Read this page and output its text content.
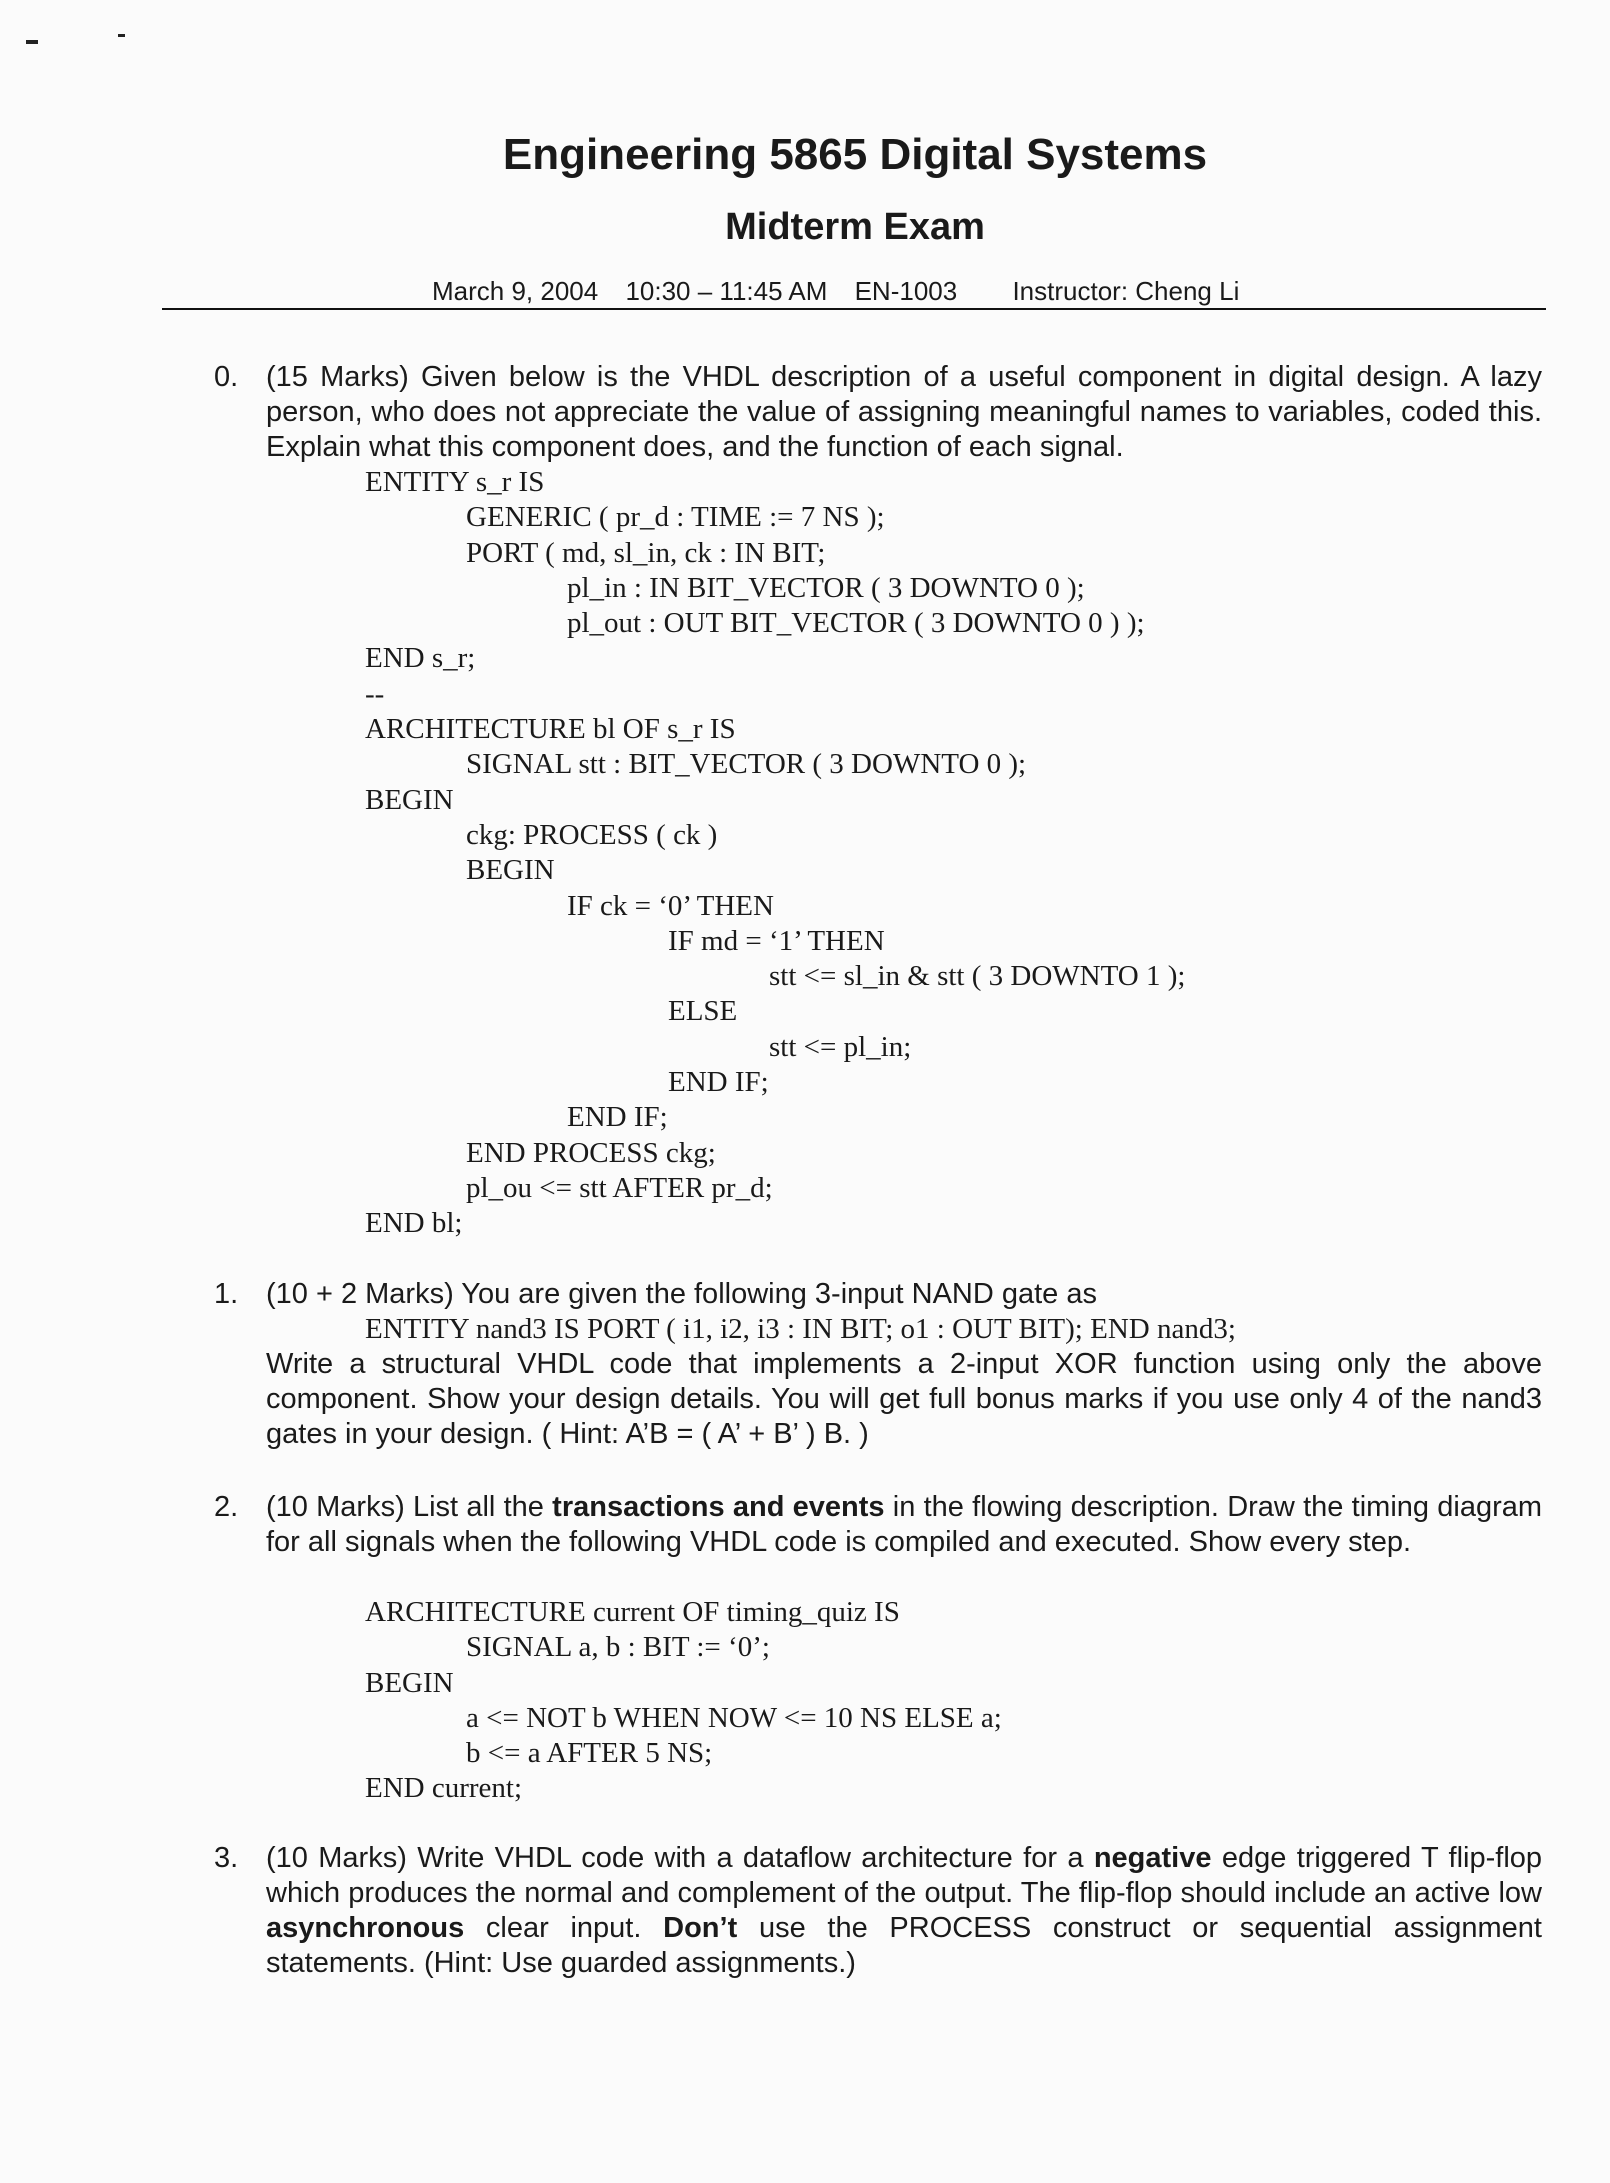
Engineering 5865 Digital Systems
Midterm Exam
March 9, 2004 10:30 – 11:45 AM EN-1003 Instructor: Cheng Li
0. (15 Marks) Given below is the VHDL description of a useful component in digital design. A lazy person, who does not appreciate the value of assigning meaningful names to variables, coded this. Explain what this component does, and the function of each signal.
ENTITY s_r IS
GENERIC ( pr_d : TIME := 7 NS );
PORT ( md, sl_in, ck : IN BIT;
pl_in : IN BIT_VECTOR ( 3 DOWNTO 0 );
pl_out : OUT BIT_VECTOR ( 3 DOWNTO 0 ) );
END s_r;
--
ARCHITECTURE bl OF s_r IS
SIGNAL stt : BIT_VECTOR ( 3 DOWNTO 0 );
BEGIN
ckg: PROCESS ( ck )
BEGIN
IF ck = ‘0’ THEN
IF md = ‘1’ THEN
stt <= sl_in & stt ( 3 DOWNTO 1 );
ELSE
stt <= pl_in;
END IF;
END IF;
END PROCESS ckg;
pl_ou <= stt AFTER pr_d;
END bl;
1. (10 + 2 Marks) You are given the following 3-input NAND gate as
ENTITY nand3 IS PORT ( i1, i2, i3 : IN BIT; o1 : OUT BIT); END nand3;
Write a structural VHDL code that implements a 2-input XOR function using only the above component. Show your design details. You will get full bonus marks if you use only 4 of the nand3 gates in your design. ( Hint: A’B = ( A’ + B’ ) B. )
2. (10 Marks) List all the transactions and events in the flowing description. Draw the timing diagram for all signals when the following VHDL code is compiled and executed. Show every step.
ARCHITECTURE current OF timing_quiz IS
SIGNAL a, b : BIT := ‘0’;
BEGIN
a <= NOT b WHEN NOW <= 10 NS ELSE a;
b <= a AFTER 5 NS;
END current;
3. (10 Marks) Write VHDL code with a dataflow architecture for a negative edge triggered T flip-flop which produces the normal and complement of the output. The flip-flop should include an active low asynchronous clear input. Don’t use the PROCESS construct or sequential assignment statements. (Hint: Use guarded assignments.)
